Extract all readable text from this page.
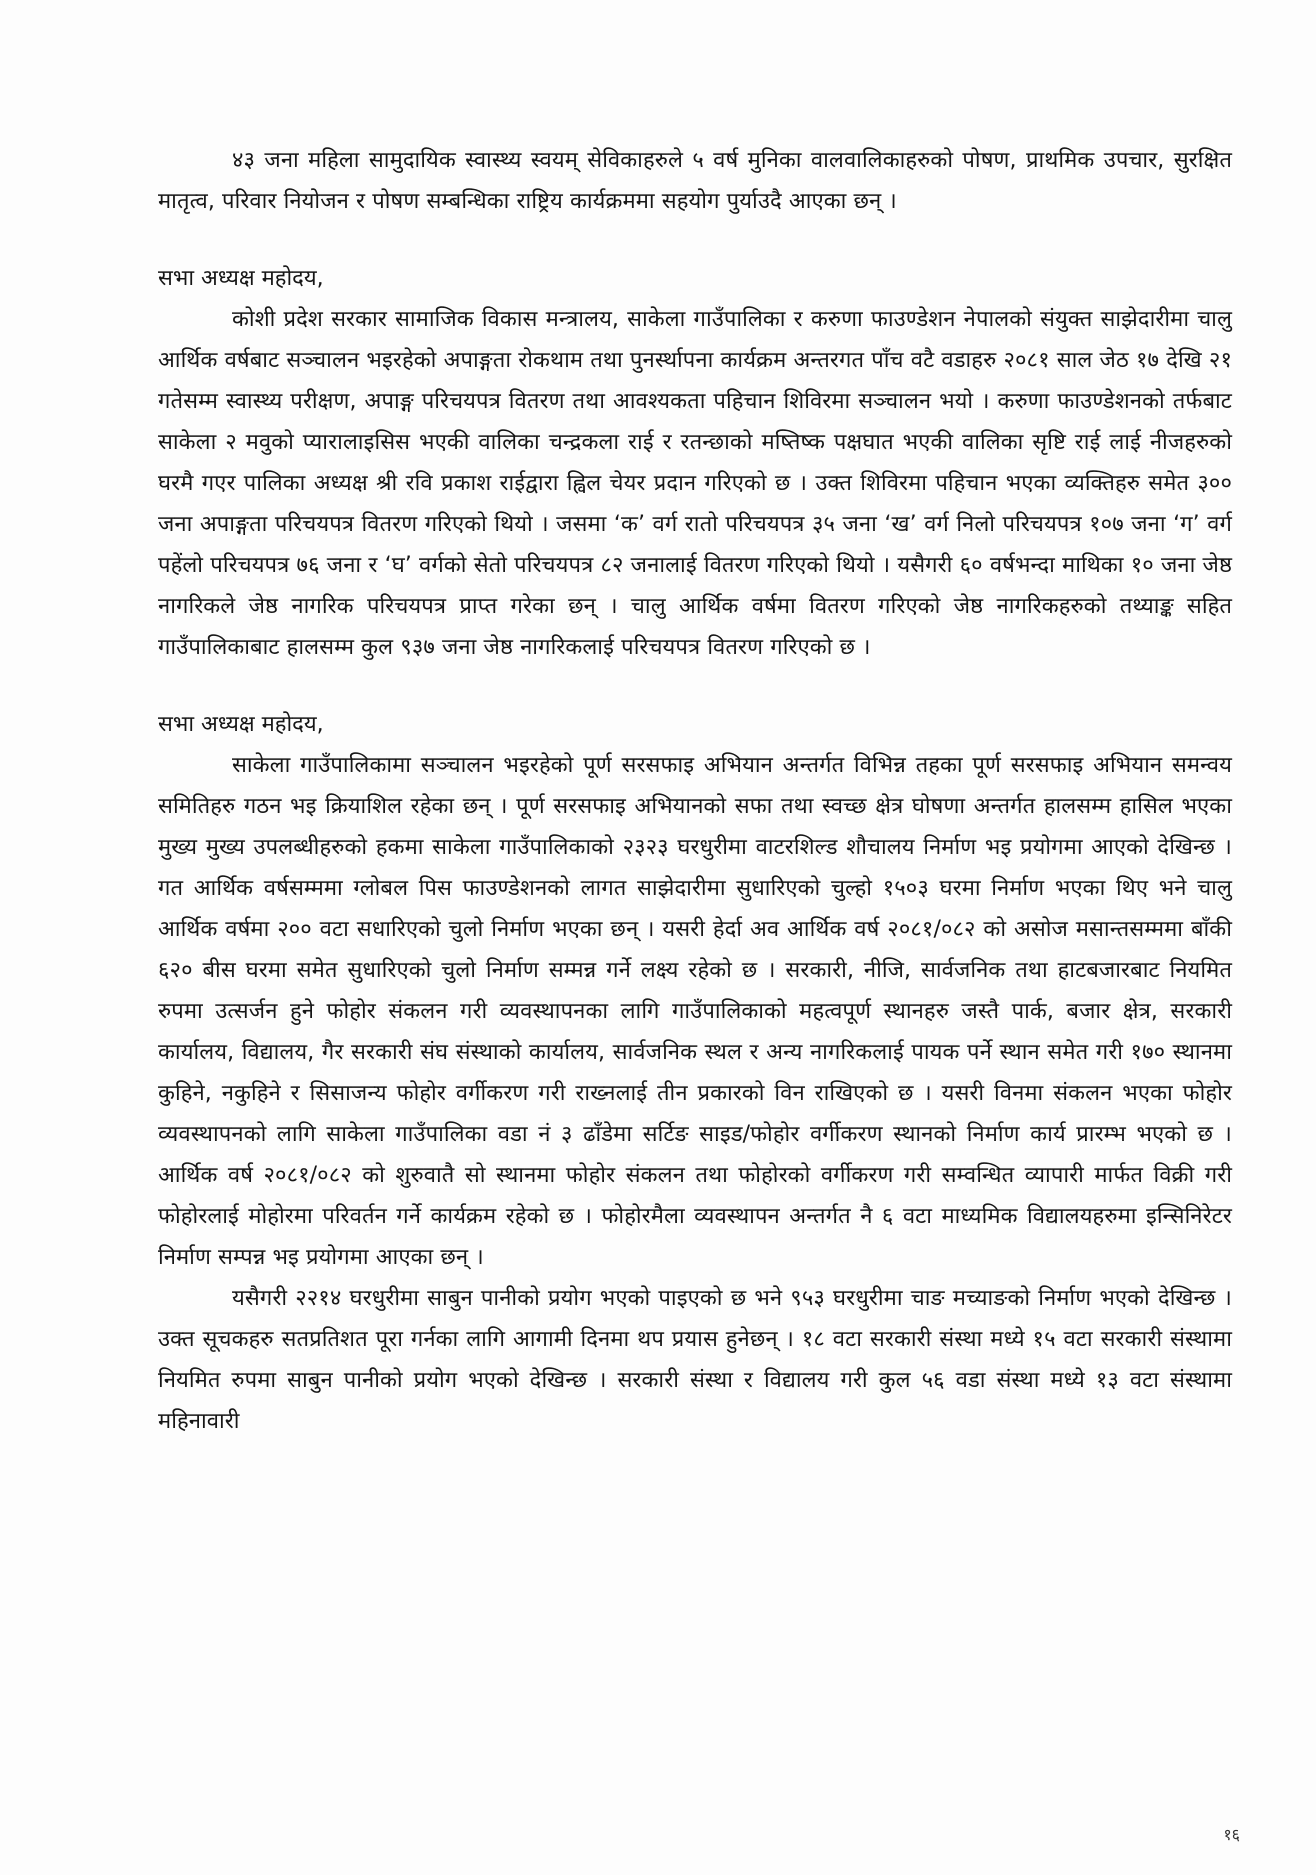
४३ जना महिला सामुदायिक स्वास्थ्य स्वयम् सेविकाहरुले ५ वर्ष मुनिका वालवालिकाहरुको पोषण, प्राथमिक उपचार, सुरक्षित मातृत्व, परिवार नियोजन र पोषण सम्बन्धिका राष्ट्रिय कार्यक्रममा सहयोग पुर्याउदै आएका छन् ।

सभा अध्यक्ष महोदय,

कोशी प्रदेश सरकार सामाजिक विकास मन्त्रालय, साकेला गाउँपालिका र करुणा फाउण्डेशन नेपालको संयुक्त साझेदारीमा चालु आर्थिक वर्षबाट सञ्चालन भइरहेको अपाङ्गता रोकथाम तथा पुनर्स्थापना कार्यक्रम अन्तरगत पाँच वटै वडाहरु २०८१ साल जेठ १७ देखि २१ गतेसम्म स्वास्थ्य परीक्षण, अपाङ्ग परिचयपत्र वितरण तथा आवश्यकता पहिचान शिविरमा सञ्चालन भयो । करुणा फाउण्डेशनको तर्फबाट साकेला २ मवुको प्यारालाइसिस भएकी वालिका चन्द्रकला राई र रतन्छाको मष्तिष्क पक्षघात भएकी वालिका सृष्टि राई लाई नीजहरुको घरमै गएर पालिका अध्यक्ष श्री रवि प्रकाश राईद्वारा ह्विल चेयर प्रदान गरिएको छ । उक्त शिविरमा पहिचान भएका व्यक्तिहरु समेत ३०० जना अपाङ्गता परिचयपत्र वितरण गरिएको थियो । जसमा ‘क’ वर्ग रातो परिचयपत्र ३५ जना ‘ख’ वर्ग निलो परिचयपत्र १०७ जना ‘ग’ वर्ग पहेंलो परिचयपत्र ७६ जना र ‘घ’ वर्गको सेतो परिचयपत्र ८२ जनालाई वितरण गरिएको थियो । यसैगरी ६० वर्षभन्दा माथिका १० जना जेष्ठ नागरिकले जेष्ठ नागरिक परिचयपत्र प्राप्त गरेका छन् । चालु आर्थिक वर्षमा वितरण गरिएको जेष्ठ नागरिकहरुको तथ्याङ्क सहित गाउँपालिकाबाट हालसम्म कुल ९३७ जना जेष्ठ नागरिकलाई परिचयपत्र वितरण गरिएको छ ।

सभा अध्यक्ष महोदय,

साकेला गाउँपालिकामा सञ्चालन भइरहेको पूर्ण सरसफाइ अभियान अन्तर्गत विभिन्न तहका पूर्ण सरसफाइ अभियान समन्वय समितिहरु गठन भइ क्रियाशिल रहेका छन् । पूर्ण सरसफाइ अभियानको सफा तथा स्वच्छ क्षेत्र घोषणा अन्तर्गत हालसम्म हासिल भएका मुख्य मुख्य उपलब्धीहरुको हकमा साकेला गाउँपालिकाको २३२३ घरधुरीमा वाटरशिल्ड शौचालय निर्माण भइ प्रयोगमा आएको देखिन्छ । गत आर्थिक वर्षसम्ममा ग्लोबल पिस फाउण्डेशनको लागत साझेदारीमा सुधारिएको चुल्हो १५०३ घरमा निर्माण भएका थिए भने चालु आर्थिक वर्षमा २०० वटा सधारिएको चुलो निर्माण भएका छन् । यसरी हेर्दा अव आर्थिक वर्ष २०८१/०८२ को असोज मसान्तसम्ममा बाँकी ६२० बीस घरमा समेत सुधारिएको चुलो निर्माण सम्मन्न गर्ने लक्ष्य रहेको छ । सरकारी, नीजि, सार्वजनिक तथा हाटबजारबाट नियमित रुपमा उत्सर्जन हुने फोहोर संकलन गरी व्यवस्थापनका लागि गाउँपालिकाको महत्वपूर्ण स्थानहरु जस्तै पार्क, बजार क्षेत्र, सरकारी कार्यालय, विद्यालय, गैर सरकारी संघ संस्थाको कार्यालय, सार्वजनिक स्थल र अन्य नागरिकलाई पायक पर्ने स्थान समेत गरी १७० स्थानमा कुहिने, नकुहिने र सिसाजन्य फोहोर वर्गीकरण गरी राख्नलाई तीन प्रकारको विन राखिएको छ । यसरी विनमा संकलन भएका फोहोर व्यवस्थापनको लागि साकेला गाउँपालिका वडा नं ३ ढाँडेमा सर्टिङ साइड/फोहोर वर्गीकरण स्थानको निर्माण कार्य प्रारम्भ भएको छ । आर्थिक वर्ष २०८१/०८२ को शुरुवातै सो स्थानमा फोहोर संकलन तथा फोहोरको वर्गीकरण गरी सम्वन्धित व्यापारी मार्फत विक्री गरी फोहोरलाई मोहोरमा परिवर्तन गर्ने कार्यक्रम रहेको छ । फोहोरमैला व्यवस्थापन अन्तर्गत नै ६ वटा माध्यमिक विद्यालयहरुमा इन्सिनिरेटर निर्माण सम्पन्न भइ प्रयोगमा आएका छन् ।

यसैगरी २२१४ घरधुरीमा साबुन पानीको प्रयोग भएको पाइएको छ भने ९५३ घरधुरीमा चाङ मच्याङको निर्माण भएको देखिन्छ । उक्त सूचकहरु सतप्रतिशत पूरा गर्नका लागि आगामी दिनमा थप प्रयास हुनेछन् । १८ वटा सरकारी संस्था मध्ये १५ वटा सरकारी संस्थामा नियमित रुपमा साबुन पानीको प्रयोग भएको देखिन्छ । सरकारी संस्था र विद्यालय गरी कुल ५६ वडा संस्था मध्ये १३ वटा संस्थामा महिनावारी

१६
